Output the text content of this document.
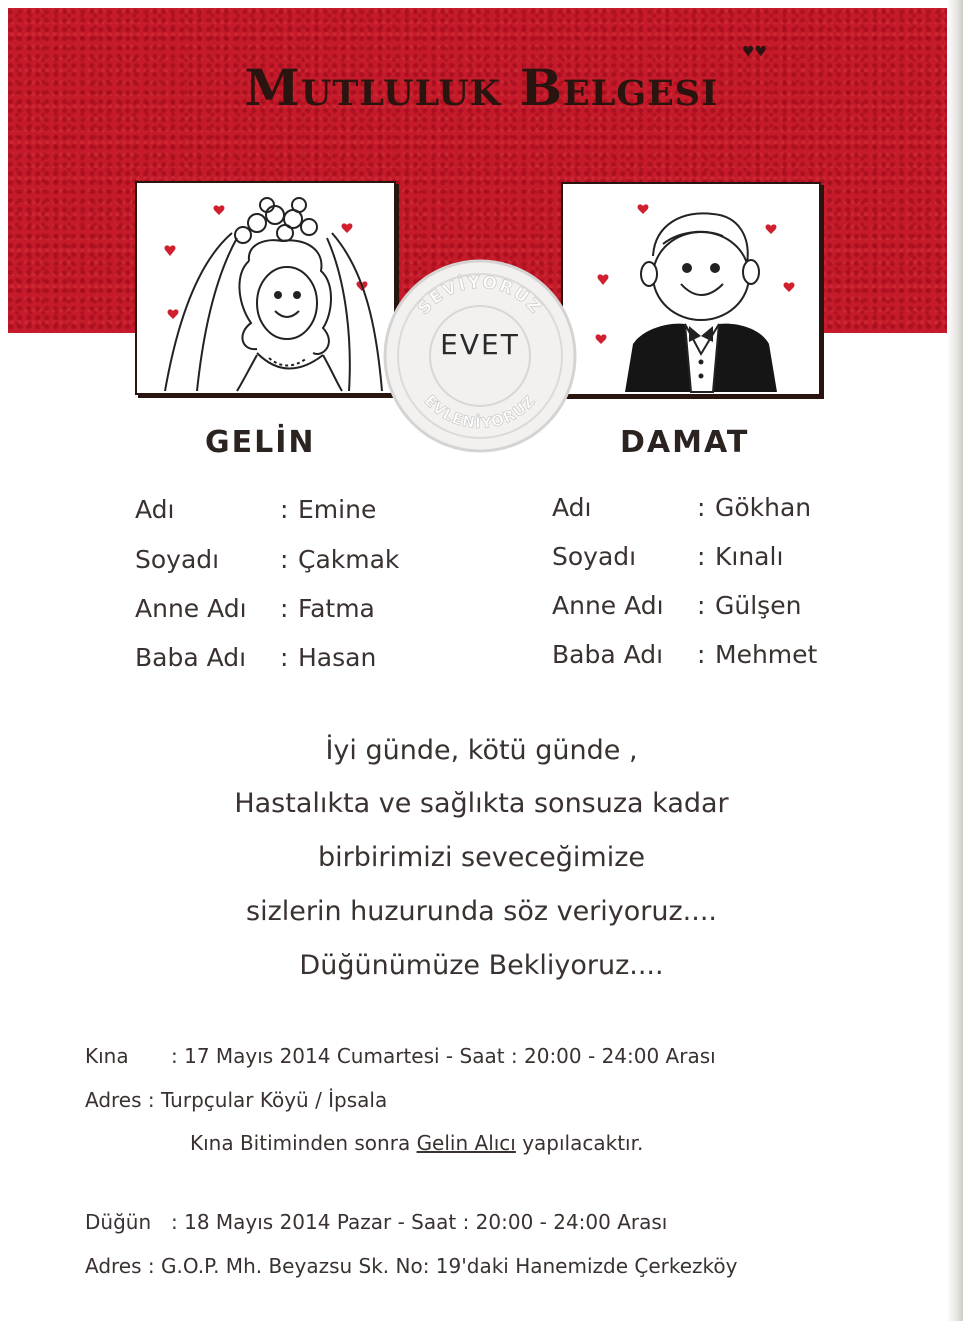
Mutluluk Belgesi
♥♥
SEVİYORUZ
EVLENİYORUZ
EVET
GELİN	DAMAT
Adı	: Emine
Soyadı : Çakmak
Anne Adı : Fatma
Baba Adı : Hasan
Adı	: Gökhan
Soyadı : Kınalı
Anne Adı : Gülşen
Baba Adı : Mehmet
İyi günde, kötü günde ,
Hastalıkta ve sağlıkta sonsuza kadar
birbirimizi seveceğimize
sizlerin huzurunda söz veriyoruz....
Düğünümüze Bekliyoruz....
Kına : 17 Mayıs 2014 Cumartesi - Saat : 20:00 - 24:00 Arası
Adres : Turpçular Köyü / İpsala
Kına Bitiminden sonra Gelin Alıcı yapılacaktır.
Düğün : 18 Mayıs 2014 Pazar - Saat : 20:00 - 24:00 Arası
Adres : G.O.P. Mh. Beyazsu Sk. No: 19'daki Hanemizde Çerkezköy
